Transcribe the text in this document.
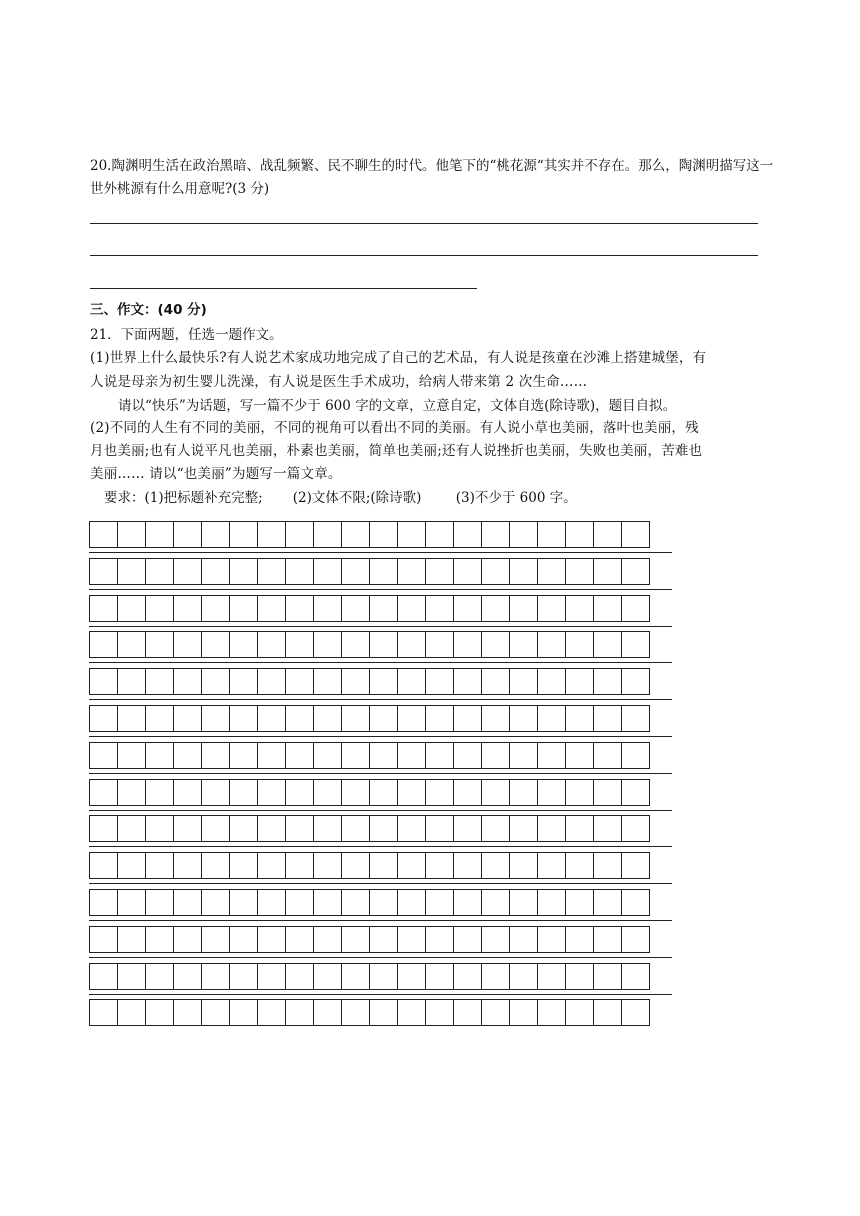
20.陶渊明生活在政治黑暗、战乱频繁、民不聊生的时代。他笔下的“桃花源“其实并不存在。那么，陶渊明描写这一世外桃源有什么用意呢?(3 分)
三、作文：(40 分)
21．下面两题，任选一题作文。
(1)世界上什么最快乐?有人说艺术家成功地完成了自己的艺术品，有人说是孩童在沙滩上搭建城堡，有
人说是母亲为初生婴儿洗澡，有人说是医生手术成功，给病人带来第 2 次生命……
请以“快乐”为话题，写一篇不少于 600 字的文章，立意自定，文体自选(除诗歌)，题目自拟。
(2)不同的人生有不同的美丽，不同的视角可以看出不同的美丽。有人说小草也美丽，落叶也美丽，残
月也美丽;也有人说平凡也美丽，朴素也美丽，简单也美丽;还有人说挫折也美丽，失败也美丽，苦难也
美丽…… 请以“也美丽”为题写一篇文章。
要求：(1)把标题补充完整;       (2)文体不限;(除诗歌)        (3)不少于 600 字。
